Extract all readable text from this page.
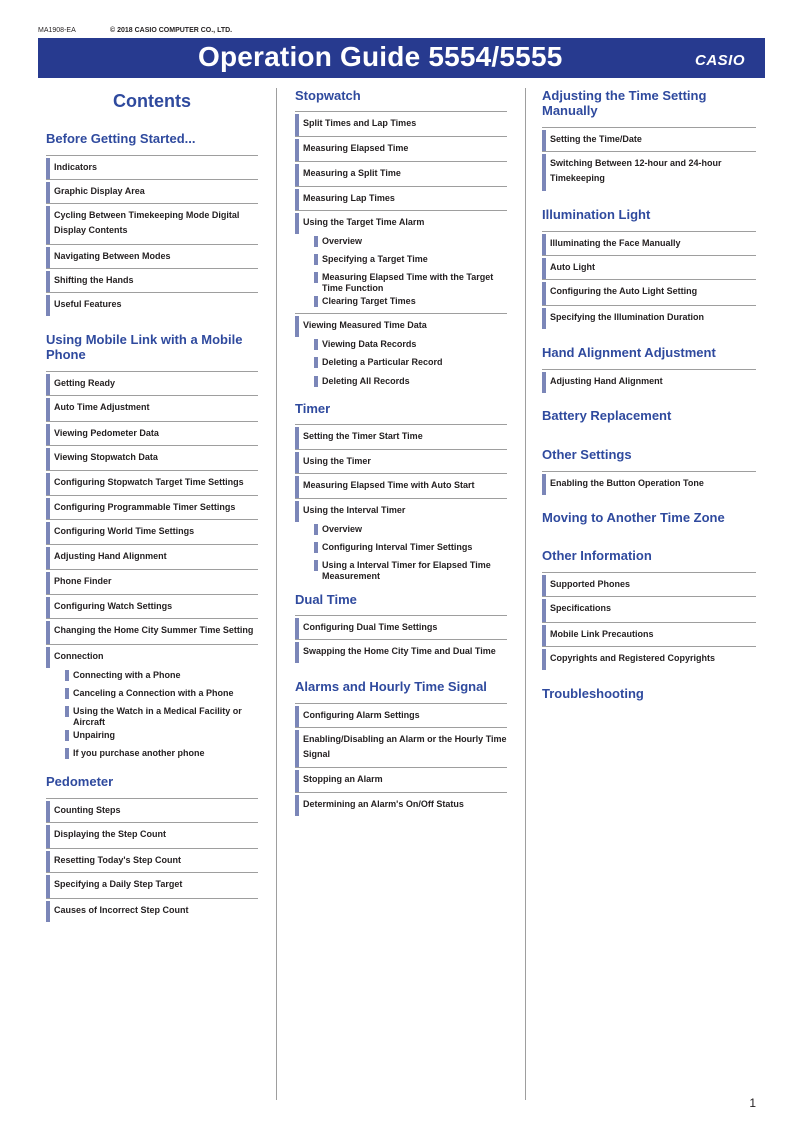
MA1908-EA	© 2018 CASIO COMPUTER CO., LTD.
Operation Guide 5554/5555	CASIO
Contents
Before Getting Started...
Indicators
Graphic Display Area
Cycling Between Timekeeping Mode Digital Display Contents
Navigating Between Modes
Shifting the Hands
Useful Features
Using Mobile Link with a Mobile Phone
Getting Ready
Auto Time Adjustment
Viewing Pedometer Data
Viewing Stopwatch Data
Configuring Stopwatch Target Time Settings
Configuring Programmable Timer Settings
Configuring World Time Settings
Adjusting Hand Alignment
Phone Finder
Configuring Watch Settings
Changing the Home City Summer Time Setting
Connection
Connecting with a Phone
Canceling a Connection with a Phone
Using the Watch in a Medical Facility or Aircraft
Unpairing
If you purchase another phone
Pedometer
Counting Steps
Displaying the Step Count
Resetting Today's Step Count
Specifying a Daily Step Target
Causes of Incorrect Step Count
Stopwatch
Split Times and Lap Times
Measuring Elapsed Time
Measuring a Split Time
Measuring Lap Times
Using the Target Time Alarm
Overview
Specifying a Target Time
Measuring Elapsed Time with the Target Time Function
Clearing Target Times
Viewing Measured Time Data
Viewing Data Records
Deleting a Particular Record
Deleting All Records
Timer
Setting the Timer Start Time
Using the Timer
Measuring Elapsed Time with Auto Start
Using the Interval Timer
Overview
Configuring Interval Timer Settings
Using a Interval Timer for Elapsed Time Measurement
Dual Time
Configuring Dual Time Settings
Swapping the Home City Time and Dual Time
Alarms and Hourly Time Signal
Configuring Alarm Settings
Enabling/Disabling an Alarm or the Hourly Time Signal
Stopping an Alarm
Determining an Alarm's On/Off Status
Adjusting the Time Setting Manually
Setting the Time/Date
Switching Between 12-hour and 24-hour Timekeeping
Illumination Light
Illuminating the Face Manually
Auto Light
Configuring the Auto Light Setting
Specifying the Illumination Duration
Hand Alignment Adjustment
Adjusting Hand Alignment
Battery Replacement
Other Settings
Enabling the Button Operation Tone
Moving to Another Time Zone
Other Information
Supported Phones
Specifications
Mobile Link Precautions
Copyrights and Registered Copyrights
Troubleshooting
1
